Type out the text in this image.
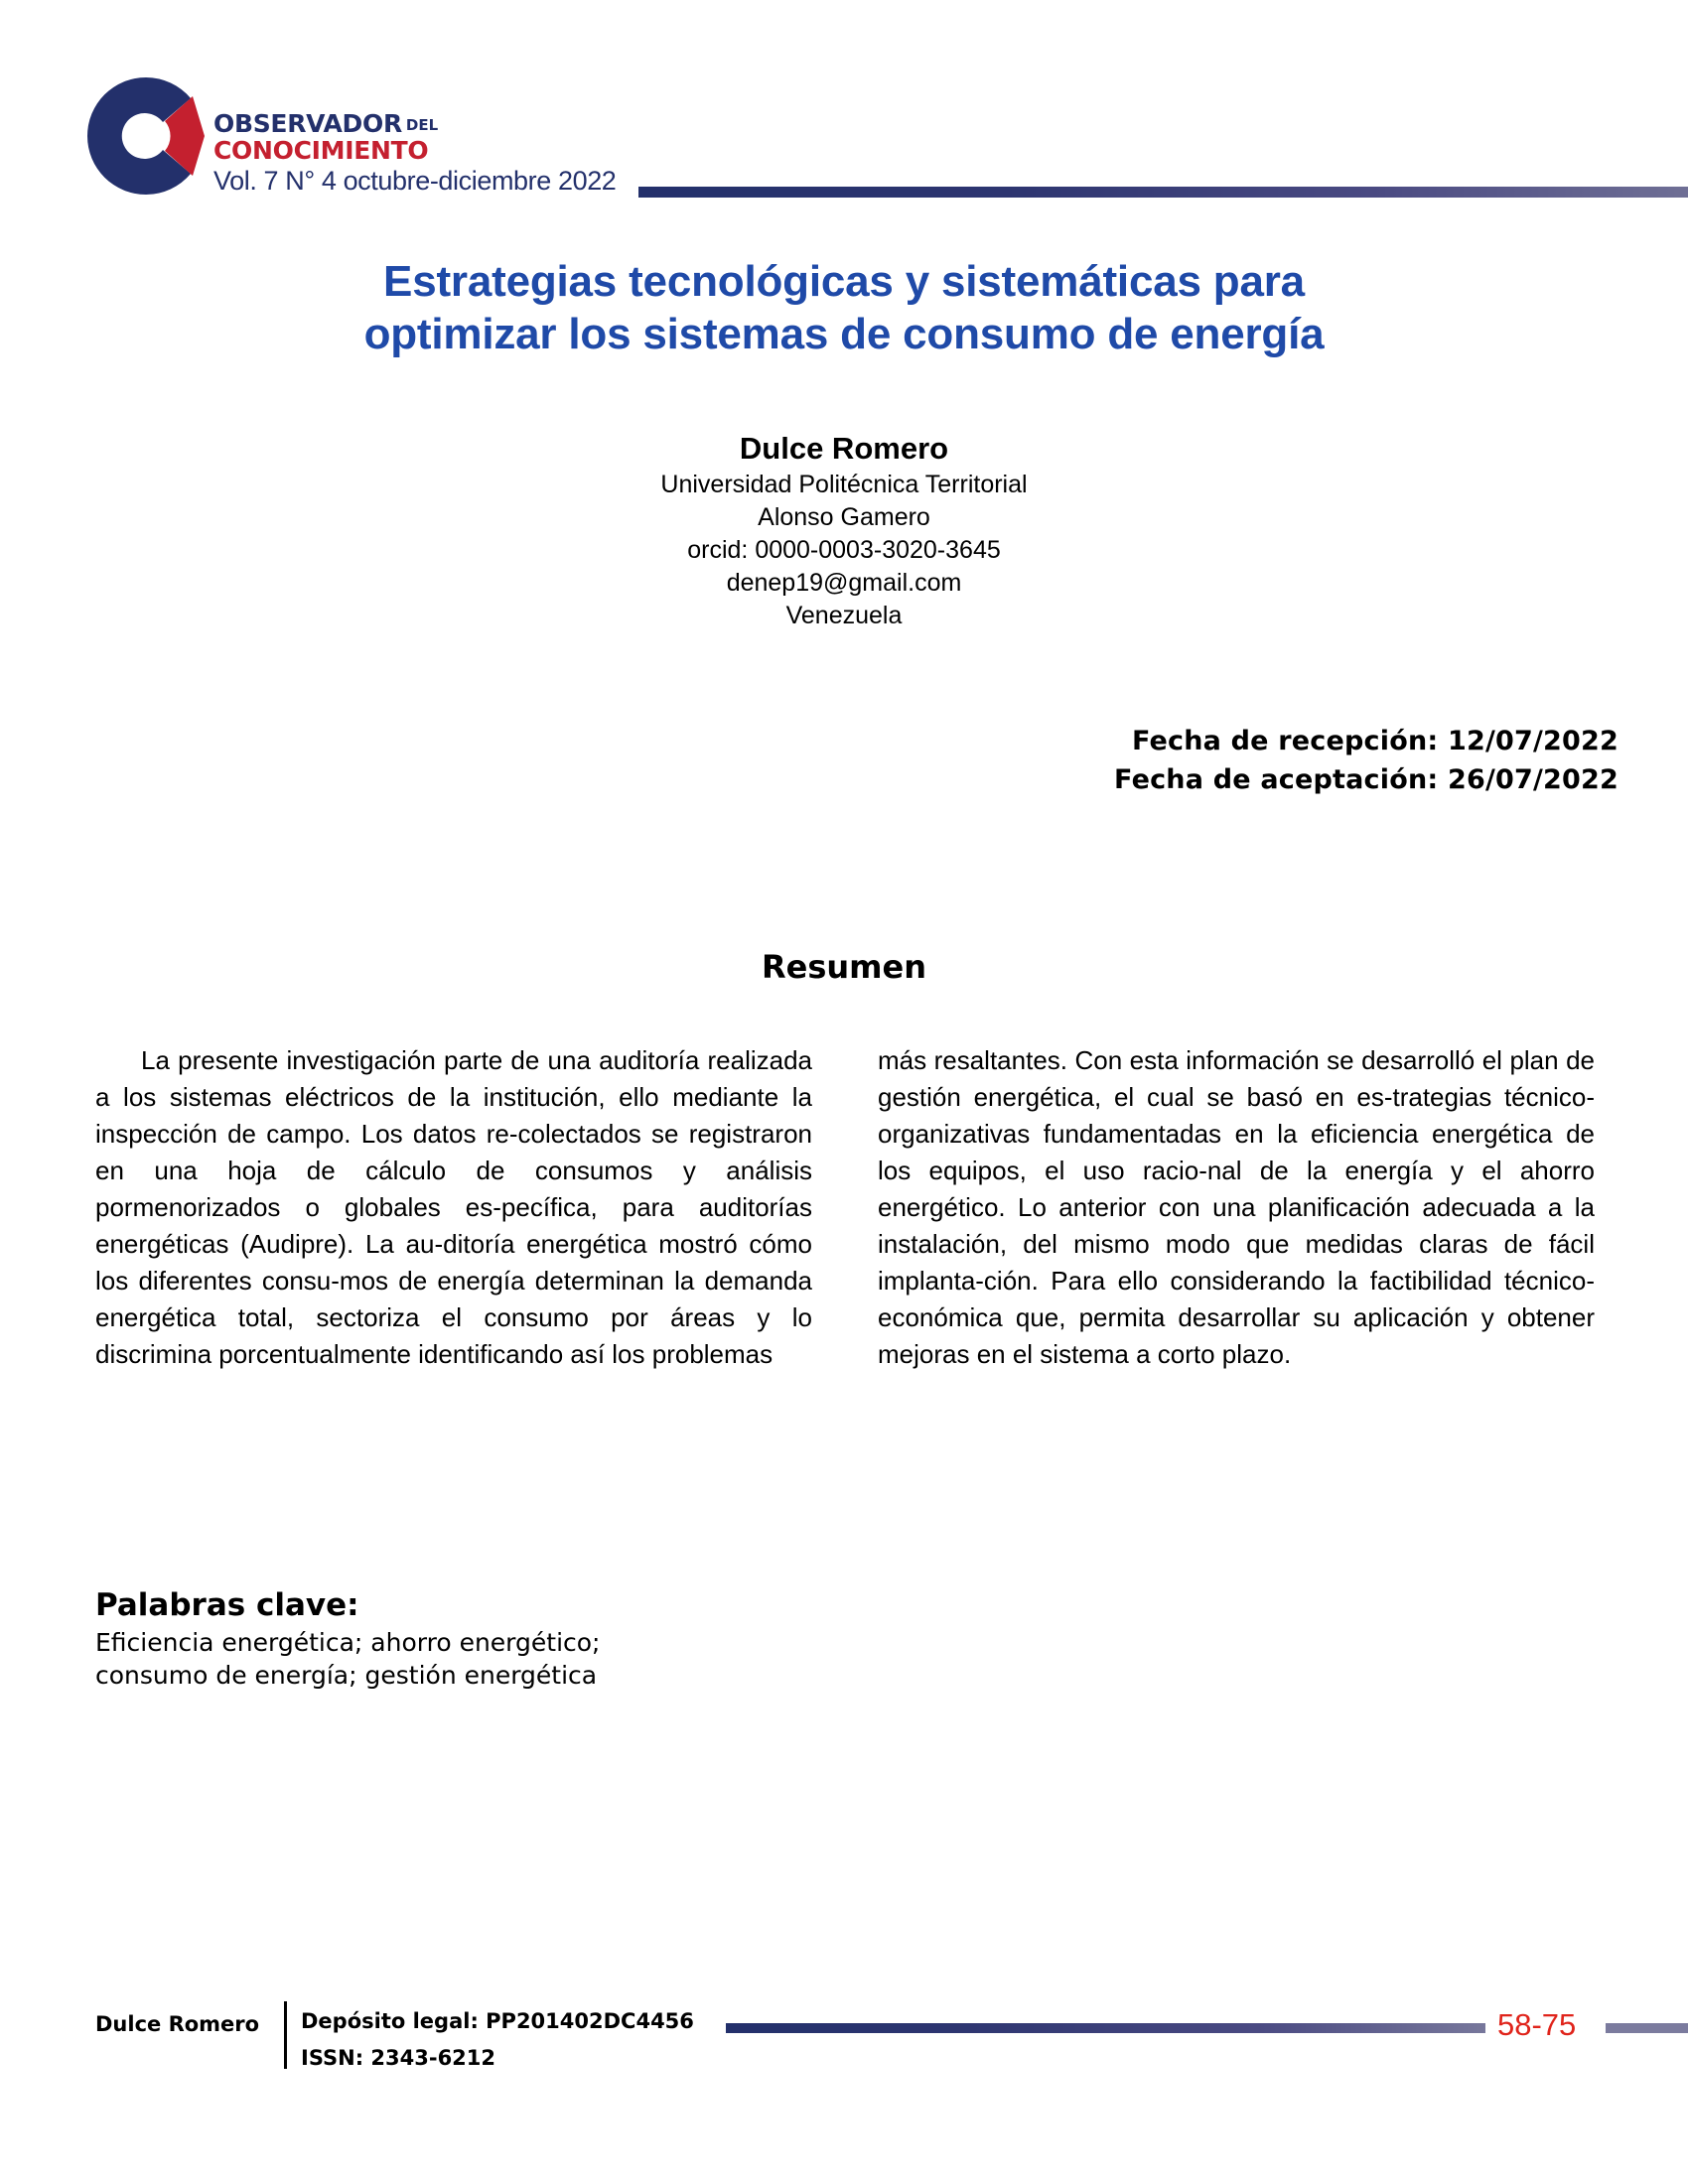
OBSERVADOR DEL
CONOCIMIENTO
Vol. 7 N° 4 octubre-diciembre 2022
Estrategias tecnológicas y sistemáticas para
optimizar los sistemas de consumo de energía
Dulce Romero
Universidad Politécnica Territorial
Alonso Gamero
orcid: 0000-0003-3020-3645
denep19@gmail.com
Venezuela
Fecha de recepción: 12/07/2022
Fecha de aceptación: 26/07/2022
Resumen

La presente investigación parte de una auditoría realizada a los sistemas eléctricos de la institución, ello mediante la inspección de campo. Los datos re-colectados se registraron en una hoja de cálculo de consumos y análisis pormenorizados o globales es-pecífica, para auditorías energéticas (Audipre). La au-ditoría energética mostró cómo los diferentes consu-mos de energía determinan la demanda energética total, sectoriza el consumo por áreas y lo discrimina porcentualmente identificando así los problemas

más resaltantes. Con esta información se desarrolló el plan de gestión energética, el cual se basó en es-trategias técnico-organizativas fundamentadas en la eficiencia energética de los equipos, el uso racio-nal de la energía y el ahorro energético. Lo anterior con una planificación adecuada a la instalación, del mismo modo que medidas claras de fácil implanta-ción. Para ello considerando la factibilidad técnico-económica que, permita desarrollar su aplicación y obtener mejoras en el sistema a corto plazo.

Palabras clave:
Eficiencia energética; ahorro energético;
consumo de energía; gestión energética
Dulce Romero Depósito legal: PP201402DC4456
ISSN: 2343-6212
58-75
